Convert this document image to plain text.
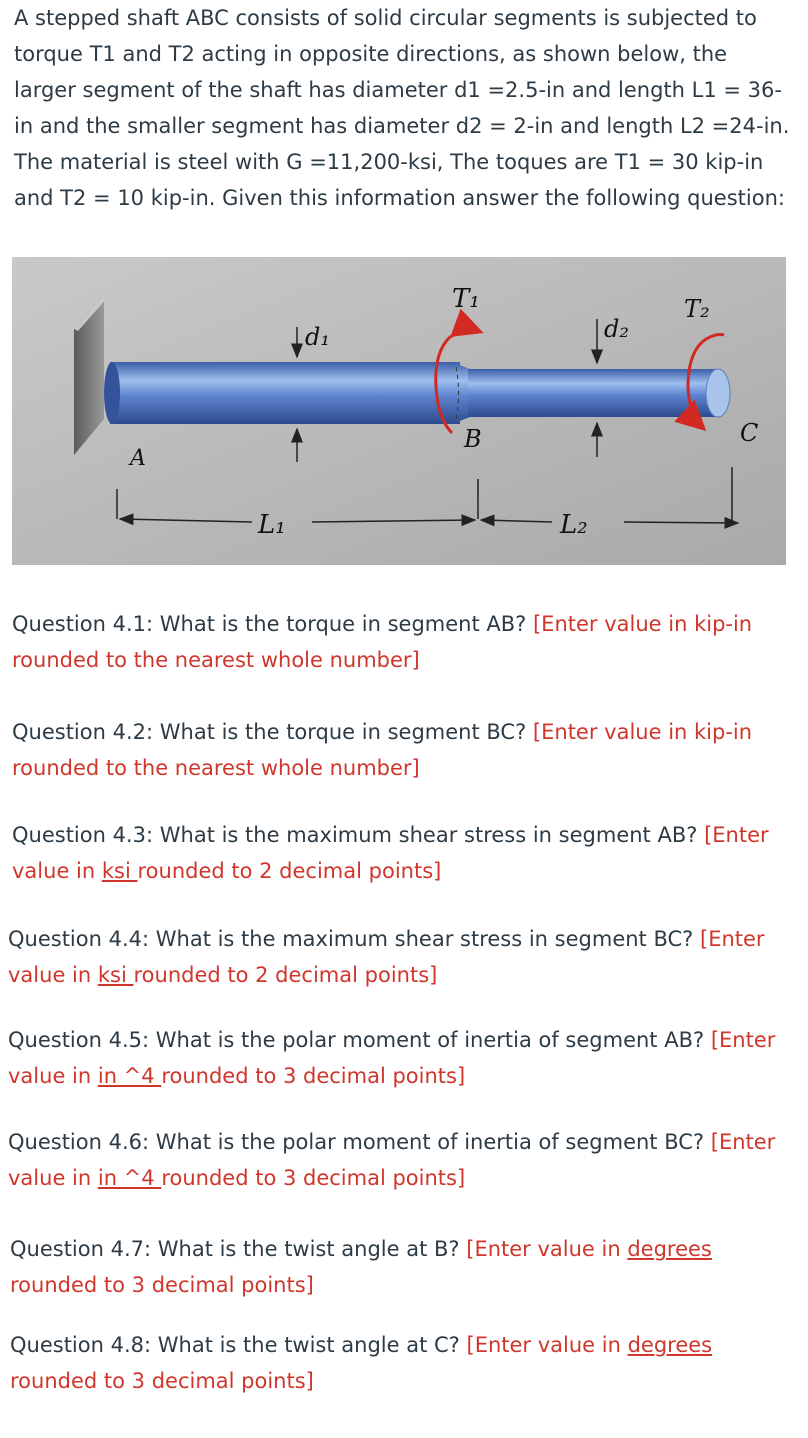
A stepped shaft ABC consists of solid circular segments is subjected to torque T1 and T2 acting in opposite directions, as shown below, the larger segment of the shaft has diameter d1 =2.5-in and length L1 = 36-in and the smaller segment has diameter d2 = 2-in and length L2 =24-in. The material is steel with G =11,200-ksi, The toques are T1 = 30 kip-in and T2 = 10 kip-in. Given this information answer the following question:

T₁	T₂
d₁	d₂
A
B	C
L₁	L₂

Question 4.1: What is the torque in segment AB? [Enter value in kip-in rounded to the nearest whole number]

Question 4.2: What is the torque in segment BC? [Enter value in kip-in rounded to the nearest whole number]

Question 4.3: What is the maximum shear stress in segment AB? [Enter value in ksi rounded to 2 decimal points]

Question 4.4: What is the maximum shear stress in segment BC? [Enter value in ksi rounded to 2 decimal points]

Question 4.5: What is the polar moment of inertia of segment AB? [Enter value in in ^4 rounded to 3 decimal points]

Question 4.6: What is the polar moment of inertia of segment BC? [Enter value in in ^4 rounded to 3 decimal points]

Question 4.7: What is the twist angle at B? [Enter value in degrees rounded to 3 decimal points]

Question 4.8: What is the twist angle at C? [Enter value in degrees rounded to 3 decimal points]
